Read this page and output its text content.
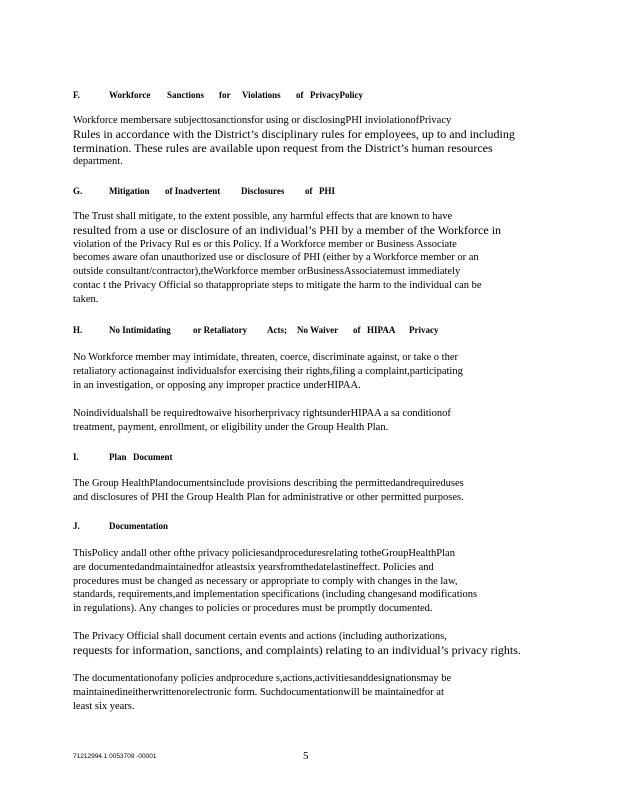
F.	Workforce	Sanctions	for	Violations	of PrivacyPolicy
Workforce membersare subjecttosanctionsfor using or disclosingPHI inviolationofPrivacy
Rules in accordance with the District’s disciplinary rules for employees, up to and including
termination. These rules are available upon request from the District’s human resources
department.
G.	Mitigation	of Inadvertent	Disclosures	of PHI
The Trust shall mitigate, to the extent possible, any harmful effects that are known to have
resulted from a use or disclosure of an individual’s PHI by a member of the Workforce in
violation of the Privacy Rul es or this Policy. If a Workforce member or Business Associate
becomes aware ofan unauthorized use or disclosure of PHI (either by a Workforce member or an
outside consultant/contractor),theWorkforce member orBusinessAssociatemust immediately
contac t the Privacy Official so thatappropriate steps to mitigate the harm to the individual can be
taken.
H.	No Intimidating	or Retaliatory	Acts;	No Waiver	of HIPAA	Privacy
No Workforce member may intimidate, threaten, coerce, discriminate against, or take o ther
retaliatory actionagainst individualsfor exercising their rights,filing a complaint,participating
in an investigation, or opposing any improper practice underHIPAA.
Noindividualshall be requiredtowaive hisorherprivacy rightsunderHIPAA a sa conditionof
treatment, payment, enrollment, or eligibility under the Group Health Plan.
I.	Plan Document
The Group HealthPlandocumentsinclude provisions describing the permittedandrequireduses
and disclosures of PHI the Group Health Plan for administrative or other permitted purposes.
J.	Documentation
ThisPolicy andall other ofthe privacy policiesandproceduresrelating totheGroupHealthPlan
are documentedandmaintainedfor atleastsix yearsfromthedatelastineffect. Policies and
procedures must be changed as necessary or appropriate to comply with changes in the law,
standards, requirements,and implementation specifications (including changesand modifications
in regulations). Any changes to policies or procedures must be promptly documented.
The Privacy Official shall document certain events and actions (including authorizations,
requests for information, sanctions, and complaints) relating to an individual’s privacy rights.
The documentationofany policies andprocedure s,actions,activitiesanddesignationsmay be
maintainedineitherwrittenorelectronic form. Suchdocumentationwill be maintainedfor at
least six years.
71212994.1 0053709 -00001	5
